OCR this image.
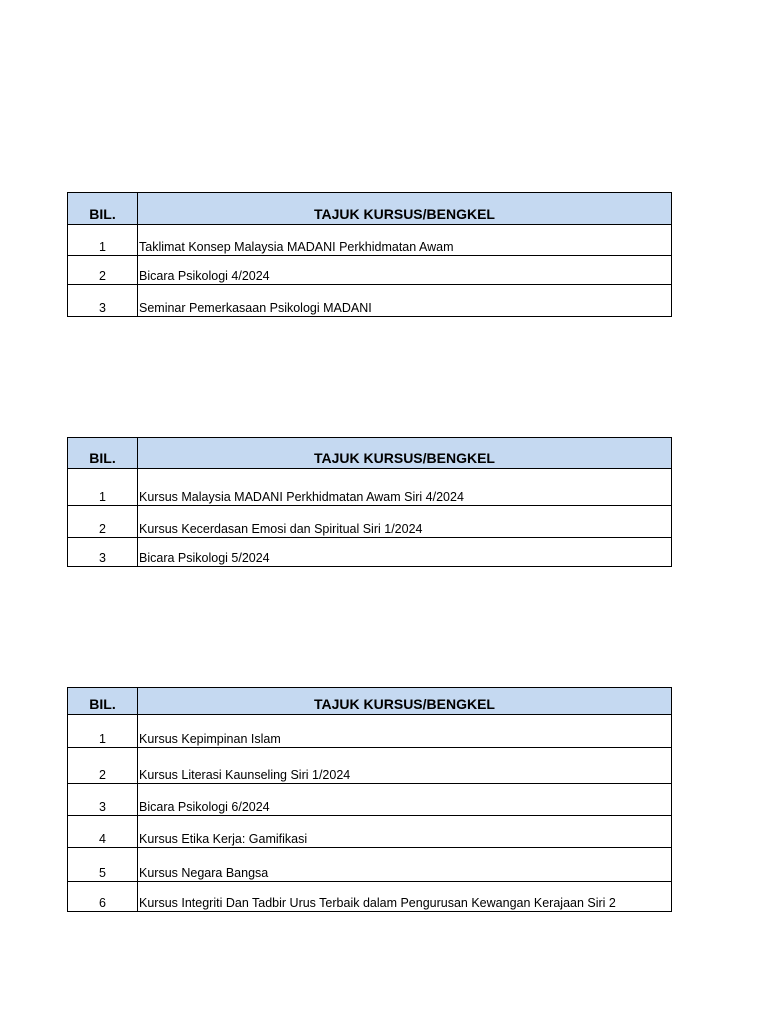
BIL.	TAJUK KURSUS/BENGKEL
1	Taklimat Konsep Malaysia MADANI Perkhidmatan Awam
2	Bicara Psikologi 4/2024
3	Seminar Pemerkasaan Psikologi MADANI
BIL.	TAJUK KURSUS/BENGKEL
1	Kursus Malaysia MADANI Perkhidmatan Awam Siri 4/2024
2	Kursus Kecerdasan Emosi dan Spiritual Siri 1/2024
3	Bicara Psikologi 5/2024
BIL.	TAJUK KURSUS/BENGKEL
1	Kursus Kepimpinan Islam
2	Kursus Literasi Kaunseling Siri 1/2024
3	Bicara Psikologi 6/2024
4	Kursus Etika Kerja: Gamifikasi
5	Kursus Negara Bangsa
6	Kursus Integriti Dan Tadbir Urus Terbaik dalam Pengurusan Kewangan Kerajaan Siri 2
